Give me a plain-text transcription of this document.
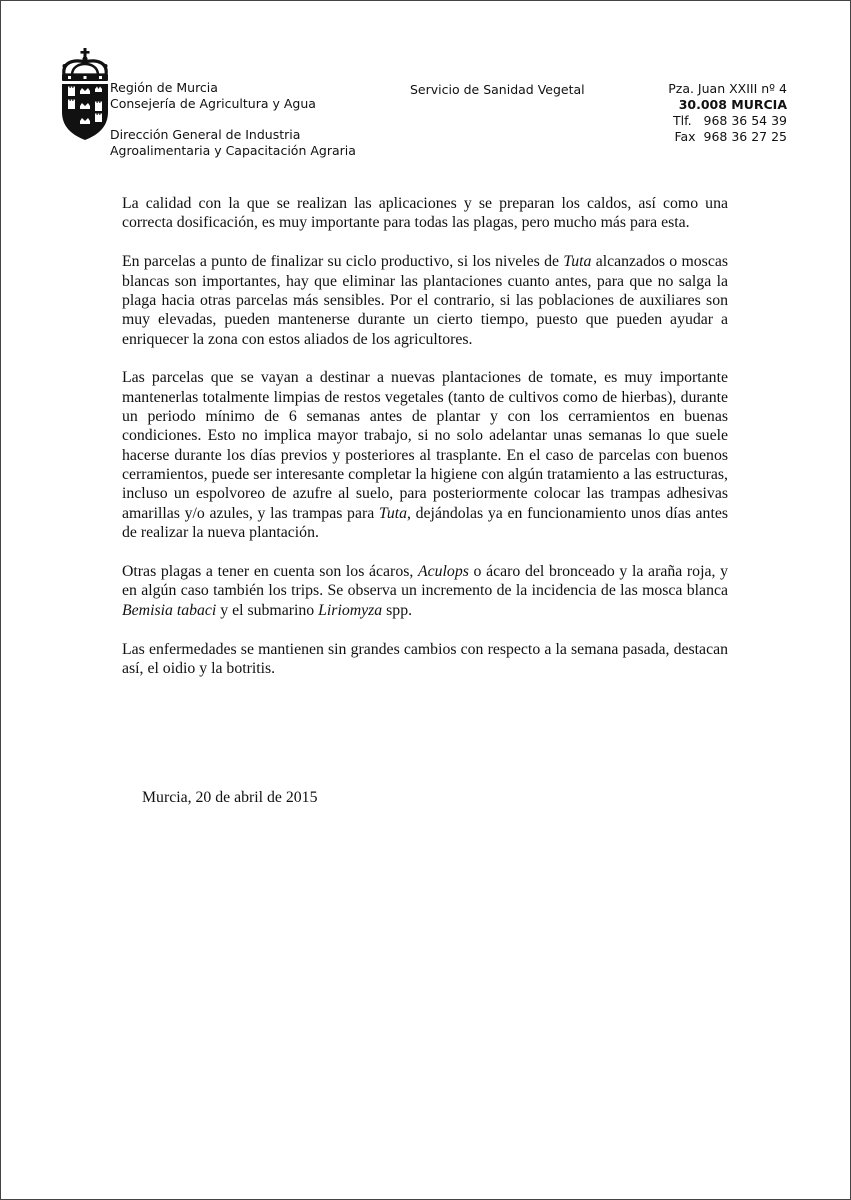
Región de Murcia
Consejería de Agricultura y Agua
Dirección General de Industria
Agroalimentaria y Capacitación Agraria
Servicio de Sanidad Vegetal	Pza. Juan XXIII nº 4
30.008 MURCIA
Tlf.   968 36 54 39
Fax  968 36 27 25

La calidad con la que se realizan las aplicaciones y se preparan los caldos, así como una correcta dosificación, es muy importante para todas las plagas, pero mucho más para esta.

En parcelas a punto de finalizar su ciclo productivo, si los niveles de Tuta alcanzados o moscas blancas son importantes, hay que eliminar las plantaciones cuanto antes, para que no salga la plaga hacia otras parcelas más sensibles. Por el contrario, si las poblaciones de auxiliares son muy elevadas, pueden mantenerse durante un cierto tiempo, puesto que pueden ayudar a enriquecer la zona con estos aliados de los agricultores.

Las parcelas que se vayan a destinar a nuevas plantaciones de tomate, es muy importante mantenerlas totalmente limpias de restos vegetales (tanto de cultivos como de hierbas), durante un periodo mínimo de 6 semanas antes de plantar y con los cerramientos en buenas condiciones. Esto no implica mayor trabajo, si no solo adelantar unas semanas lo que suele hacerse durante los días previos y posteriores al trasplante. En el caso de parcelas con buenos cerramientos, puede ser interesante completar la higiene con algún tratamiento a las estructuras, incluso un espolvoreo de azufre al suelo, para posteriormente colocar las trampas adhesivas amarillas y/o azules, y las trampas para Tuta, dejándolas ya en funcionamiento unos días antes de realizar la nueva plantación.

Otras plagas a tener en cuenta son los ácaros, Aculops o ácaro del bronceado y la araña roja, y en algún caso también los trips. Se observa un incremento de la incidencia de las mosca blanca Bemisia tabaci y el submarino Liriomyza spp.

Las enfermedades se mantienen sin grandes cambios con respecto a la semana pasada, destacan así, el oidio y la botritis.

Murcia, 20 de abril de 2015
